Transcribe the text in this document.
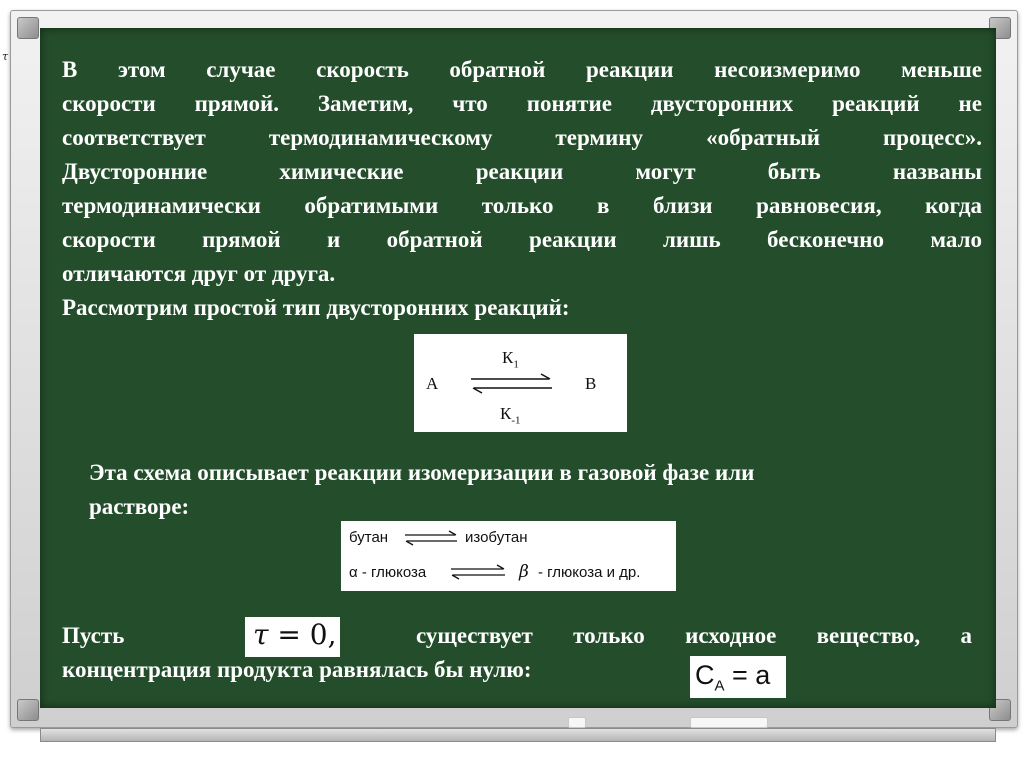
τ
В этом случае скорость обратной реакции несоизмеримо меньше
скорости прямой. Заметим, что понятие двусторонних реакций не
соответствует термодинамическому термину «обратный процесс».
Двусторонние химические реакции могут быть названы
термодинамически обратимыми только в близи равновесия, когда
скорости прямой и обратной реакции лишь бесконечно мало
отличаются друг от друга.
Рассмотрим простой тип двусторонних реакций:
А	В
$К_1$
$К_{-1}$
Эта схема описывает реакции изомеризации в газовой фазе или
растворе:
бутан ⇌ изобутан
α - глюкоза ⇌ β - глюкоза и др.
Пусть	существует только исходное вещество, а
концентрация продукта равнялась бы нулю:
τ = 0,
$C_A = a$
